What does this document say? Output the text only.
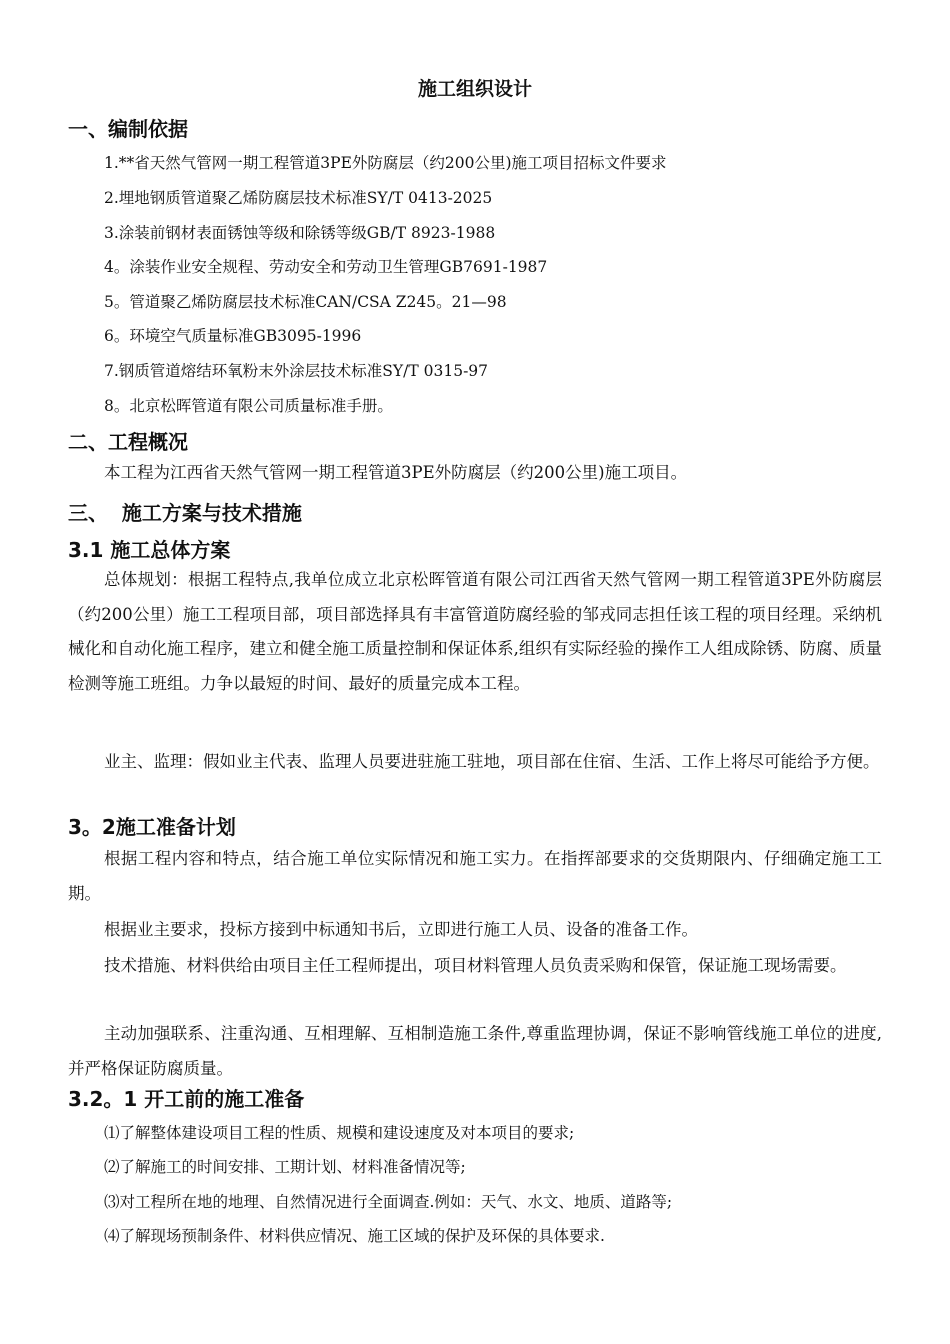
施工组织设计
一、编制依据
1.**省天然气管网一期工程管道3PE外防腐层（约200公里)施工项目招标文件要求
2.埋地钢质管道聚乙烯防腐层技术标准SY/T 0413-2025
3.涂装前钢材表面锈蚀等级和除锈等级GB/T 8923-1988
4。涂装作业安全规程、劳动安全和劳动卫生管理GB7691-1987
5。管道聚乙烯防腐层技术标准CAN/CSA Z245。21—98
6。环境空气质量标准GB3095-1996
7.钢质管道熔结环氧粉末外涂层技术标准SY/T 0315-97
8。北京松晖管道有限公司质量标准手册。
二、工程概况
本工程为江西省天然气管网一期工程管道3PE外防腐层（约200公里)施工项目。
三、  施工方案与技术措施
3.1 施工总体方案
总体规划：根据工程特点,我单位成立北京松晖管道有限公司江西省天然气管网一期工程管道3PE外防腐层（约200公里）施工工程项目部，项目部选择具有丰富管道防腐经验的邹戎同志担任该工程的项目经理。采纳机械化和自动化施工程序，建立和健全施工质量控制和保证体系,组织有实际经验的操作工人组成除锈、防腐、质量检测等施工班组。力争以最短的时间、最好的质量完成本工程。
业主、监理：假如业主代表、监理人员要进驻施工驻地，项目部在住宿、生活、工作上将尽可能给予方便。
3。2施工准备计划
根据工程内容和特点，结合施工单位实际情况和施工实力。在指挥部要求的交货期限内、仔细确定施工工期。
根据业主要求，投标方接到中标通知书后，立即进行施工人员、设备的准备工作。
技术措施、材料供给由项目主任工程师提出，项目材料管理人员负责采购和保管，保证施工现场需要。
主动加强联系、注重沟通、互相理解、互相制造施工条件,尊重监理协调，保证不影响管线施工单位的进度,并严格保证防腐质量。
3.2。1 开工前的施工准备
⑴了解整体建设项目工程的性质、规模和建设速度及对本项目的要求;
⑵了解施工的时间安排、工期计划、材料准备情况等;
⑶对工程所在地的地理、自然情况进行全面调查.例如：天气、水文、地质、道路等;
⑷了解现场预制条件、材料供应情况、施工区域的保护及环保的具体要求.
